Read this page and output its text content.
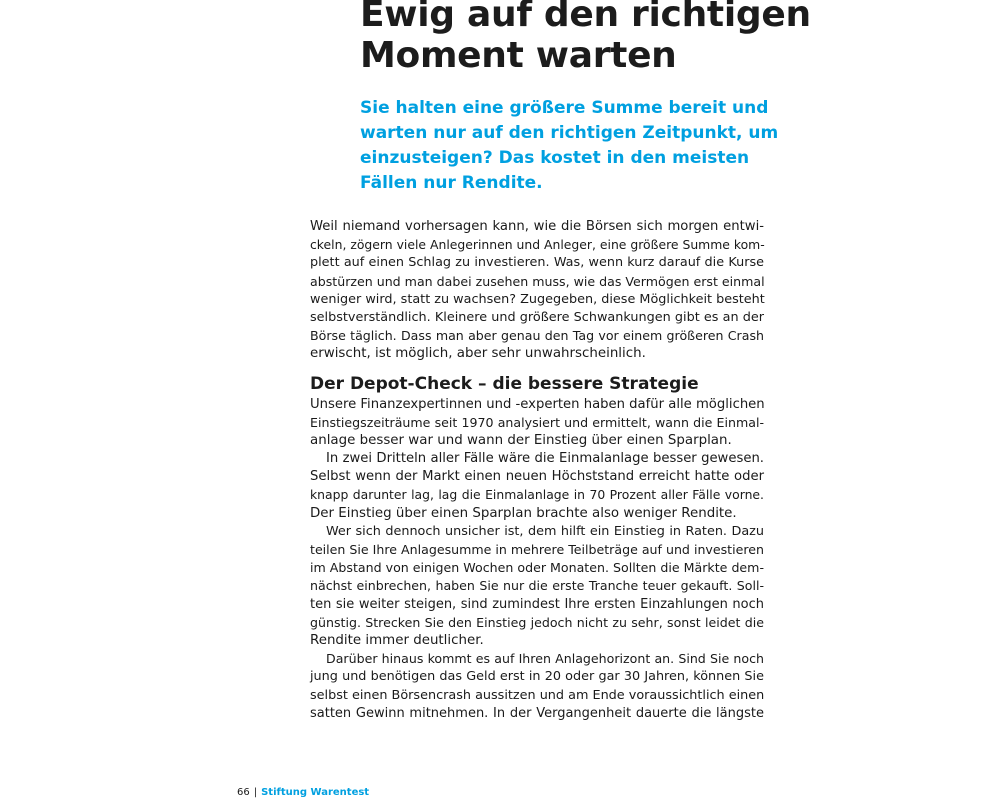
Ewig auf den richtigen
Moment warten

Sie halten eine größere Summe bereit und
warten nur auf den richtigen Zeitpunkt, um
einzusteigen? Das kostet in den meisten
Fällen nur Rendite.

Weil niemand vorhersagen kann, wie die Börsen sich morgen entwi-
ckeln, zögern viele Anlegerinnen und Anleger, eine größere Summe kom-
plett auf einen Schlag zu investieren. Was, wenn kurz darauf die Kurse
abstürzen und man dabei zusehen muss, wie das Vermögen erst einmal
weniger wird, statt zu wachsen? Zugegeben, diese Möglichkeit besteht
selbstverständlich. Kleinere und größere Schwankungen gibt es an der
Börse täglich. Dass man aber genau den Tag vor einem größeren Crash
erwischt, ist möglich, aber sehr unwahrscheinlich.
Der Depot-Check – die bessere Strategie
Unsere Finanzexpertinnen und -experten haben dafür alle möglichen
Einstiegszeiträume seit 1970 analysiert und ermittelt, wann die Einmal-
anlage besser war und wann der Einstieg über einen Sparplan.
In zwei Dritteln aller Fälle wäre die Einmalanlage besser gewesen.
Selbst wenn der Markt einen neuen Höchststand erreicht hatte oder
knapp darunter lag, lag die Einmalanlage in 70 Prozent aller Fälle vorne.
Der Einstieg über einen Sparplan brachte also weniger Rendite.
Wer sich dennoch unsicher ist, dem hilft ein Einstieg in Raten. Dazu
teilen Sie Ihre Anlagesumme in mehrere Teilbeträge auf und investieren
im Abstand von einigen Wochen oder Monaten. Sollten die Märkte dem-
nächst einbrechen, haben Sie nur die erste Tranche teuer gekauft. Soll-
ten sie weiter steigen, sind zumindest Ihre ersten Einzahlungen noch
günstig. Strecken Sie den Einstieg jedoch nicht zu sehr, sonst leidet die
Rendite immer deutlicher.
Darüber hinaus kommt es auf Ihren Anlagehorizont an. Sind Sie noch
jung und benötigen das Geld erst in 20 oder gar 30 Jahren, können Sie
selbst einen Börsencrash aussitzen und am Ende voraussichtlich einen
satten Gewinn mitnehmen. In der Vergangenheit dauerte die längste
66 | Stiftung Warentest
